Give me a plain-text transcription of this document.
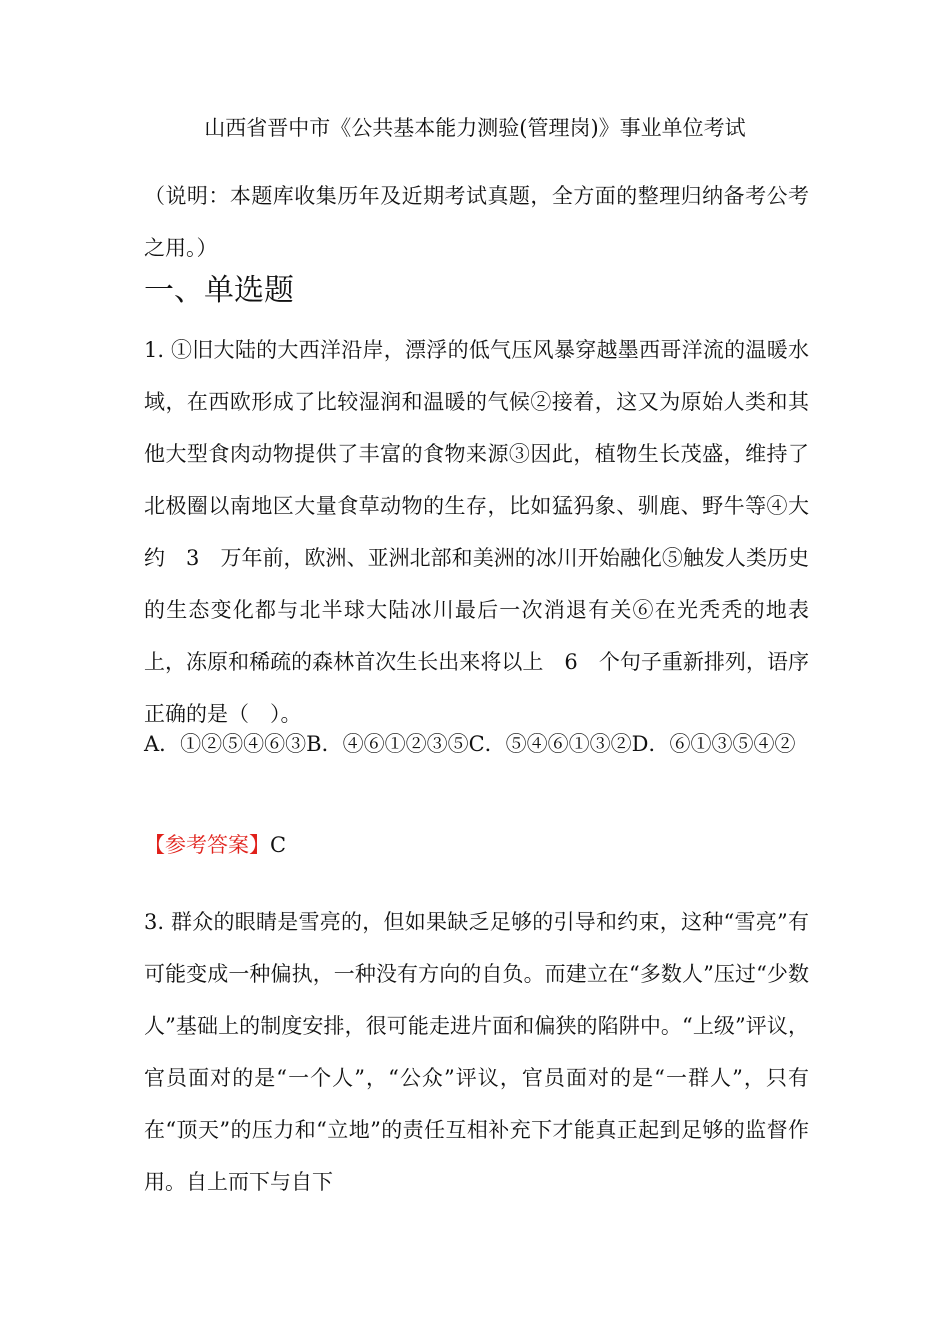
山西省晋中市《公共基本能力测验(管理岗)》事业单位考试
（说明：本题库收集历年及近期考试真题，全方面的整理归纳备考公考之用。）
一、单选题
1. ①旧大陆的大西洋沿岸，漂浮的低气压风暴穿越墨西哥洋流的温暖水域，在西欧形成了比较湿润和温暖的气候②接着，这又为原始人类和其他大型食肉动物提供了丰富的食物来源③因此，植物生长茂盛，维持了北极圈以南地区大量食草动物的生存，比如猛犸象、驯鹿、野牛等④大约　3　万年前，欧洲、亚洲北部和美洲的冰川开始融化⑤触发人类历史的生态变化都与北半球大陆冰川最后一次消退有关⑥在光秃秃的地表上，冻原和稀疏的森林首次生长出来将以上　6　个句子重新排列，语序正确的是（　）。
A．①②⑤④⑥③B．④⑥①②③⑤C．⑤④⑥①③②D．⑥①③⑤④②
【参考答案】C
3. 群众的眼睛是雪亮的，但如果缺乏足够的引导和约束，这种“雪亮”有可能变成一种偏执，一种没有方向的自负。而建立在“多数人”压过“少数人”基础上的制度安排，很可能走进片面和偏狭的陷阱中。“上级”评议，官员面对的是“一个人”，“公众”评议，官员面对的是“一群人”，只有在“顶天”的压力和“立地”的责任互相补充下才能真正起到足够的监督作用。自上而下与自下
